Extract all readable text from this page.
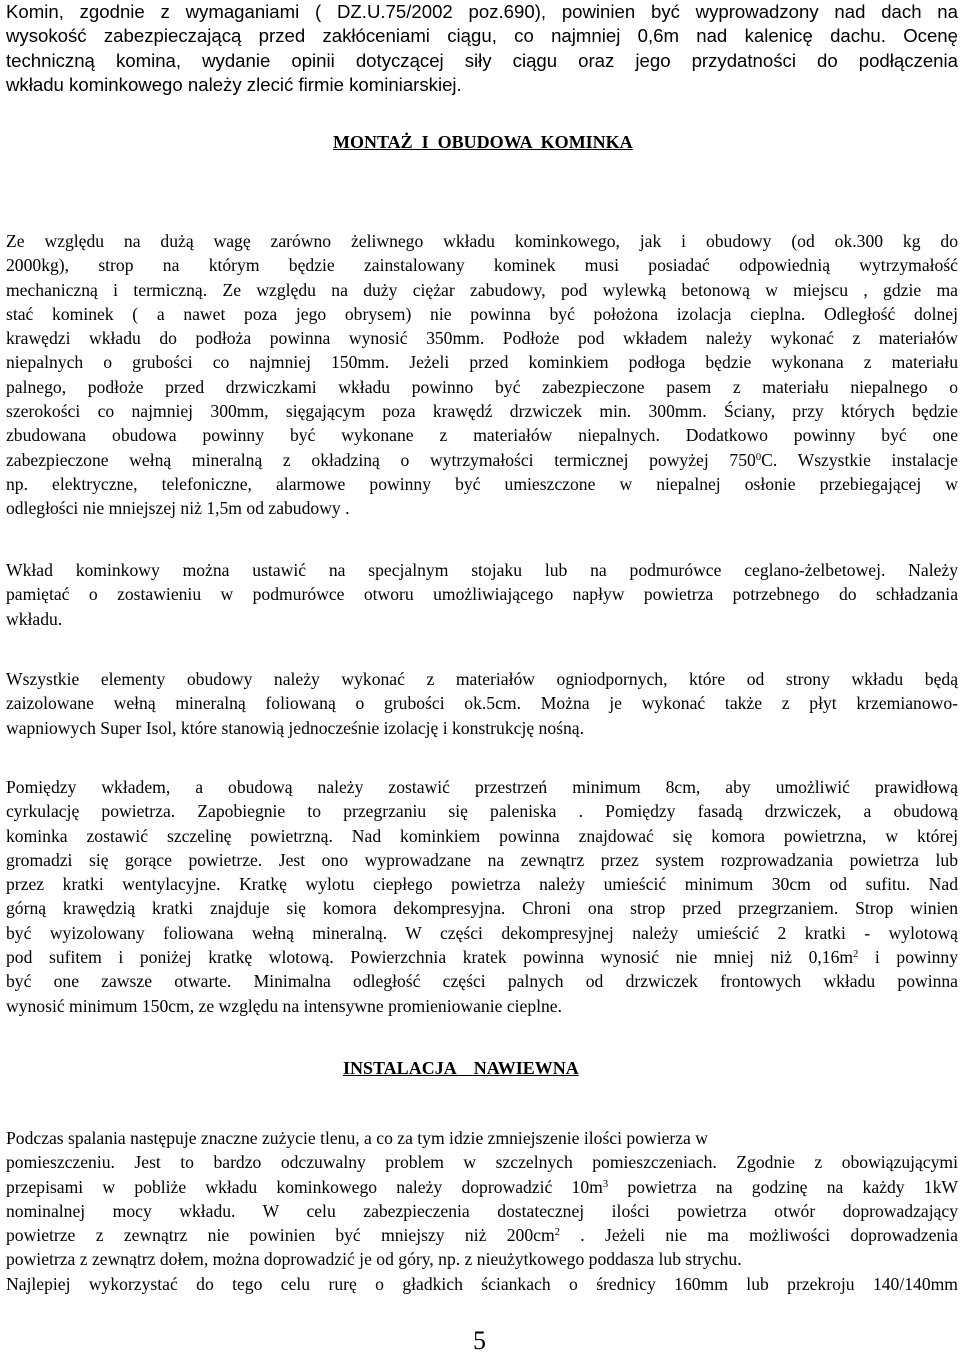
Komin, zgodnie z wymaganiami ( DZ.U.75/2002 poz.690), powinien być wyprowadzony nad dach na
wysokość zabezpieczającą przed zakłóceniami ciągu, co najmniej 0,6m nad kalenicę dachu. Ocenę
techniczną komina, wydanie opinii dotyczącej siły ciągu oraz jego przydatności do podłączenia
wkładu kominkowego należy zlecić firmie kominiarskiej.
MONTAŻ  I  OBUDOWA  KOMINKA
Ze względu na dużą wagę zarówno żeliwnego wkładu kominkowego, jak i obudowy (od ok.300 kg do
2000kg), strop na którym będzie zainstalowany kominek musi posiadać odpowiednią wytrzymałość
mechaniczną i termiczną. Ze względu na duży ciężar zabudowy, pod wylewką betonową w miejscu , gdzie ma
stać kominek ( a nawet poza jego obrysem) nie powinna być położona izolacja cieplna. Odległość dolnej
krawędzi wkładu do podłoża powinna wynosić 350mm. Podłoże pod wkładem należy wykonać z materiałów
niepalnych o grubości co najmniej 150mm. Jeżeli przed kominkiem podłoga będzie wykonana z materiału
palnego, podłoże przed drzwiczkami wkładu powinno być zabezpieczone pasem z materiału niepalnego o
szerokości co najmniej 300mm, sięgającym poza krawędź drzwiczek min. 300mm. Ściany, przy których będzie
zbudowana obudowa powinny być wykonane z materiałów niepalnych. Dodatkowo powinny być one
zabezpieczone wełną mineralną z okładziną o wytrzymałości termicznej powyżej $750^0C$. Wszystkie instalacje
np. elektryczne, telefoniczne, alarmowe powinny być umieszczone w niepalnej osłonie przebiegającej w
odległości nie mniejszej niż 1,5m od zabudowy .
Wkład kominkowy można ustawić na specjalnym stojaku lub na podmurówce ceglano-żelbetowej. Należy
pamiętać o zostawieniu w podmurówce otworu umożliwiającego napływ powietrza potrzebnego do schładzania
wkładu.
Wszystkie elementy obudowy należy wykonać z materiałów ogniodpornych, które od strony wkładu będą
zaizolowane wełną mineralną foliowaną o grubości ok.5cm. Można je wykonać także z płyt krzemianowo-
wapniowych Super Isol, które stanowią jednocześnie izolację i konstrukcję nośną.
Pomiędzy wkładem, a obudową należy zostawić przestrzeń minimum 8cm, aby umożliwić prawidłową
cyrkulację powietrza. Zapobiegnie to przegrzaniu się paleniska . Pomiędzy fasadą drzwiczek, a obudową
kominka zostawić szczelinę powietrzną. Nad kominkiem powinna znajdować się komora powietrzna, w której
gromadzi się gorące powietrze. Jest ono wyprowadzane na zewnątrz przez system rozprowadzania powietrza lub
przez kratki wentylacyjne. Kratkę wylotu ciepłego powietrza należy umieścić minimum 30cm od sufitu. Nad
górną krawędzią kratki znajduje się komora dekompresyjna. Chroni ona strop przed przegrzaniem. Strop winien
być wyizolowany foliowana wełną mineralną. W części dekompresyjnej należy umieścić 2 kratki - wylotową
pod sufitem i poniżej kratkę wlotową. Powierzchnia kratek powinna wynosić nie mniej niż $0,16m^2$ i powinny
być one zawsze otwarte. Minimalna odległość części palnych od drzwiczek frontowych wkładu powinna
wynosić minimum 150cm, ze względu na intensywne promieniowanie cieplne.
INSTALACJA    NAWIEWNA
Podczas spalania następuje znaczne zużycie tlenu, a co za tym idzie zmniejszenie ilości powierza w
pomieszczeniu. Jest to bardzo odczuwalny problem w szczelnych pomieszczeniach. Zgodnie z obowiązującymi
przepisami w pobliże wkładu kominkowego należy doprowadzić $10m^3$ powietrza na godzinę na każdy 1kW
nominalnej mocy wkładu. W celu zabezpieczenia dostatecznej ilości powietrza otwór doprowadzający
powietrze z zewnątrz nie powinien być mniejszy niż $200cm^2$ . Jeżeli nie ma możliwości doprowadzenia
powietrza z zewnątrz dołem, można doprowadzić je od góry, np. z nieużytkowego poddasza lub strychu.
Najlepiej wykorzystać do tego celu rurę o gładkich ściankach o średnicy 160mm lub przekroju 140/140mm
5
